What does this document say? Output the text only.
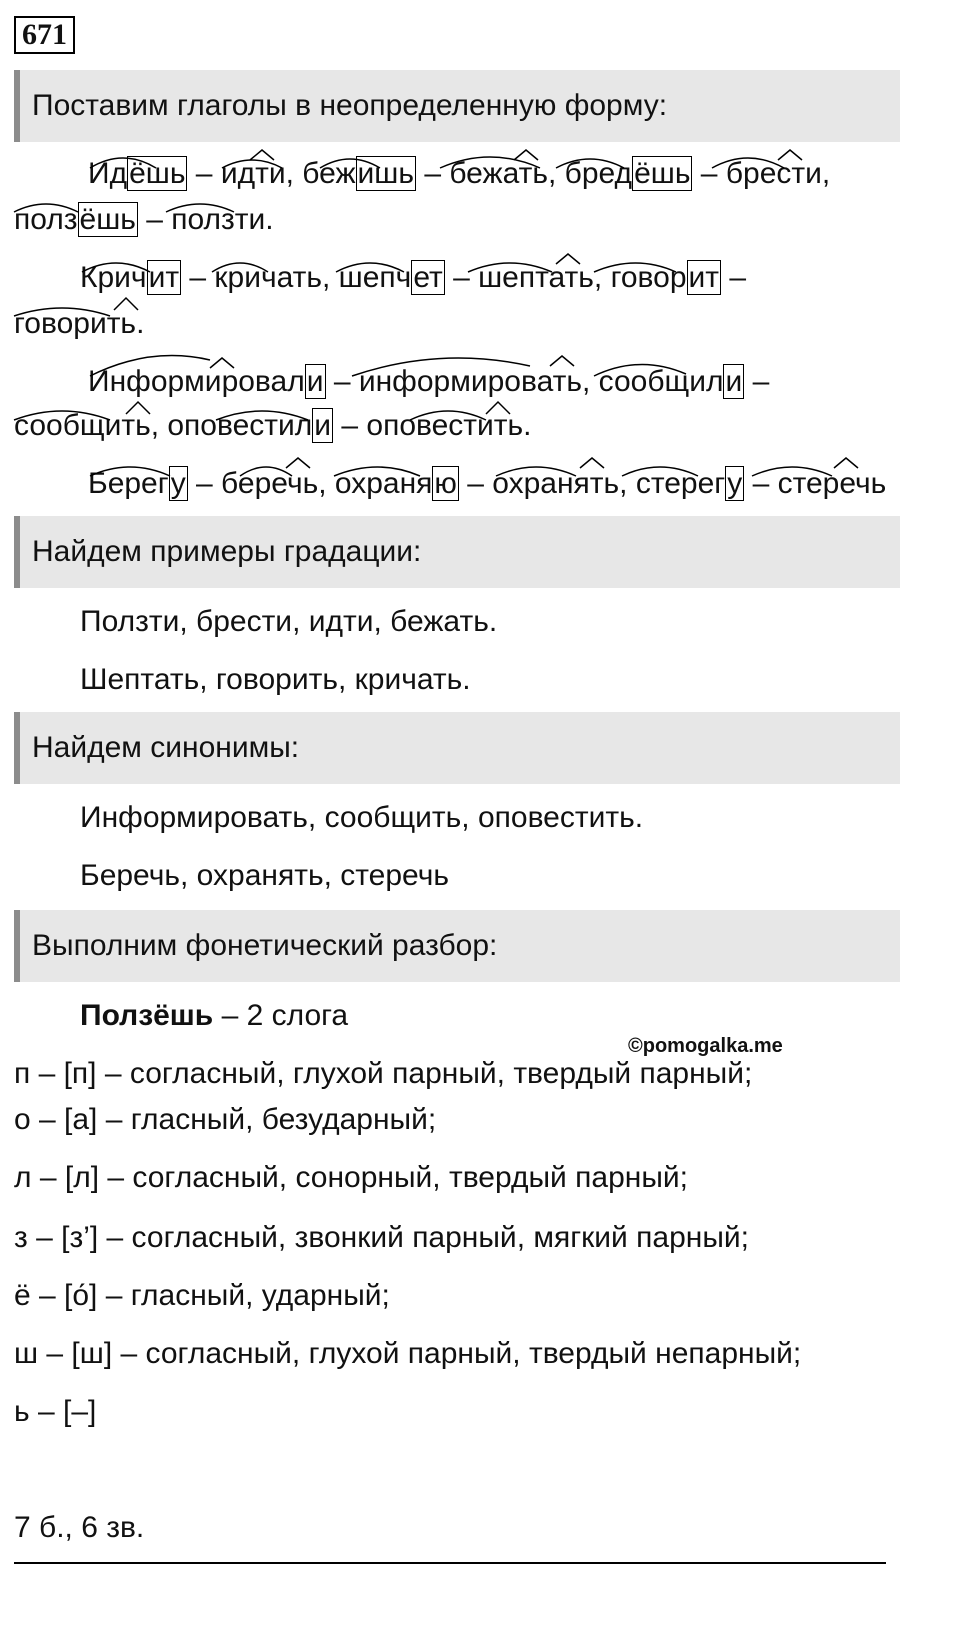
671
Поставим глаголы в неопределенную форму:
Идёшь – идти, бежишь – бежать, бредёшь – брести,
ползёшь – ползти.
Кричит – кричать, шепчет – шептать, говорит –
говорить.
Информировали – информировать, сообщили –
сообщить, оповестили – оповестить.
Берегу – беречь, охраняю – охранять, стерегу – стеречь
Найдем примеры градации:
Ползти, брести, идти, бежать.
Шептать, говорить, кричать.
Найдем синонимы:
Информировать, сообщить, оповестить.
Беречь, охранять, стеречь
Выполним фонетический разбор:
©pomogalka.me
Ползёшь – 2 слога
п – [п] – согласный, глухой парный, твердый парный;
о – [а] – гласный, безударный;
л – [л] – согласный, сонорный, твердый парный;
з – [з’] – согласный, звонкий парный, мягкий парный;
ё – [о́] – гласный, ударный;
ш – [ш] – согласный, глухой парный, твердый непарный;
ь – [–]
7 б., 6 зв.
